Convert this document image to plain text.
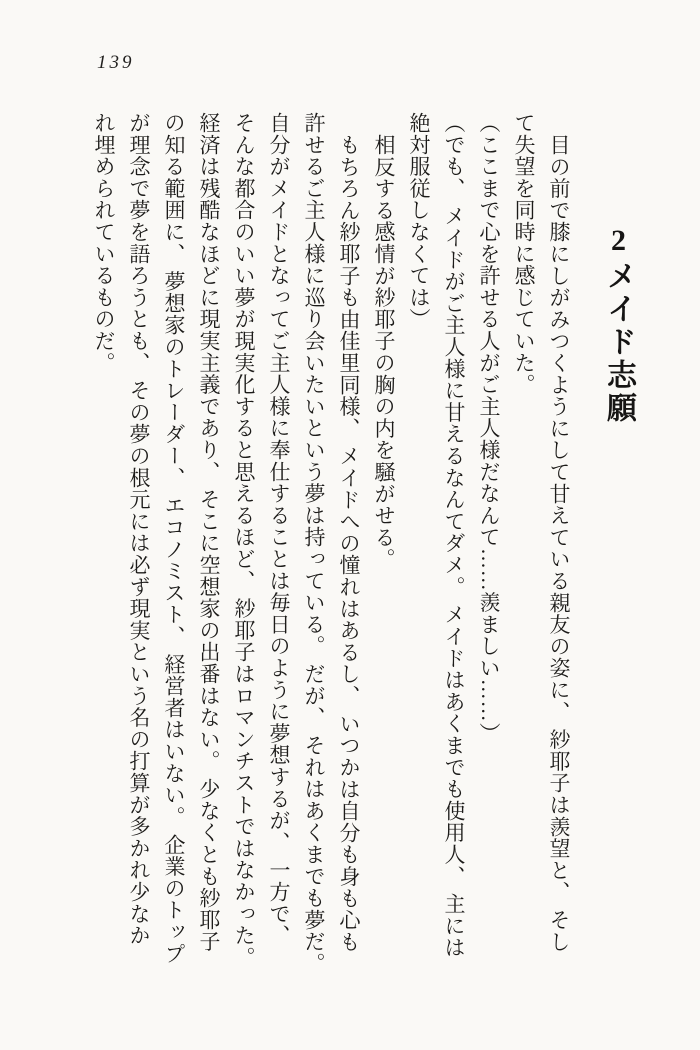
139
2メイド志願

目の前で膝にしがみつくようにして甘えている親友の姿に、 紗耶子は羨望と、 そし

て失望を同時に感じていた。

（ここまで心を許せる人がご主人様だなんて……羨ましい……）

（でも、 メイドがご主人様に甘えるなんてダメ。 メイドはあくまでも使用人、 主には

絶対服従しなくては）

相反する感情が紗耶子の胸の内を騒がせる。

もちろん紗耶子も由佳里同様、 メイドへの憧れはあるし、 いつかは自分も身も心も

許せるご主人様に巡り会いたいという夢は持っている。 だが、 それはあくまでも夢だ。

自分がメイドとなってご主人様に奉仕することは毎日のように夢想するが、 一方で、

そんな都合のいい夢が現実化すると思えるほど、 紗耶子はロマンチストではなかった。

経済は残酷なほどに現実主義であり、 そこに空想家の出番はない。 少なくとも紗耶子

の知る範囲に、 夢想家のトレーダー、 エコノミスト、 経営者はいない。 企業のトップ

が理念で夢を語ろうとも、 その夢の根元には必ず現実という名の打算が多かれ少なか

れ埋められているものだ。
